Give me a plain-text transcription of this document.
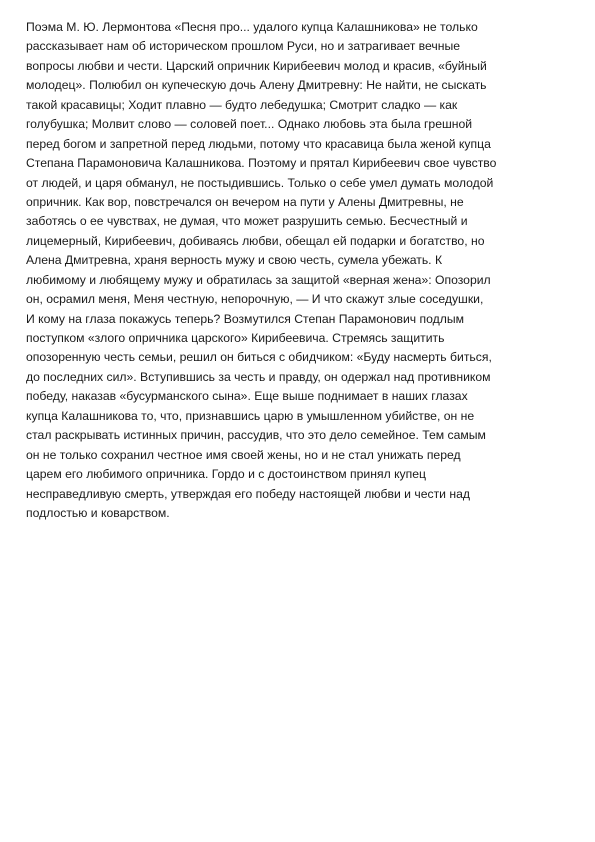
Поэма М. Ю. Лермонтова «Песня про... удалого купца Калашникова» не только
рассказывает нам об историческом прошлом Руси, но и затрагивает вечные
вопросы любви и чести. Царский опричник Кирибеевич молод и красив, «буйный
молодец». Полюбил он купеческую дочь Алену Дмитревну: Не найти, не сыскать
такой красавицы; Ходит плавно — будто лебедушка; Смотрит сладко — как
голубушка; Молвит слово — соловей поет... Однако любовь эта была грешной
перед богом и запретной перед людьми, потому что красавица была женой купца
Степана Парамоновича Калашникова. Поэтому и прятал Кирибеевич свое чувство
от людей, и царя обманул, не постыдившись. Только о себе умел думать молодой
опричник. Как вор, повстречался он вечером на пути у Алены Дмитревны, не
заботясь о ее чувствах, не думая, что может разрушить семью. Бесчестный и
лицемерный, Кирибеевич, добиваясь любви, обещал ей подарки и богатство, но
Алена Дмитревна, храня верность мужу и свою честь, сумела убежать. К
любимому и любящему мужу и обратилась за защитой «верная жена»: Опозорил
он, осрамил меня, Меня честную, непорочную, — И что скажут злые соседушки,
И кому на глаза покажусь теперь? Возмутился Степан Парамонович подлым
поступком «злого опричника царского» Кирибеевича. Стремясь защитить
опозоренную честь семьи, решил он биться с обидчиком: «Буду насмерть биться,
до последних сил». Вступившись за честь и правду, он одержал над противником
победу, наказав «бусурманского сына». Еще выше поднимает в наших глазах
купца Калашникова то, что, признавшись царю в умышленном убийстве, он не
стал раскрывать истинных причин, рассудив, что это дело семейное. Тем самым
он не только сохранил честное имя своей жены, но и не стал унижать перед
царем его любимого опричника. Гордо и с достоинством принял купец
несправедливую смерть, утверждая его победу настоящей любви и чести над
подлостью и коварством.
